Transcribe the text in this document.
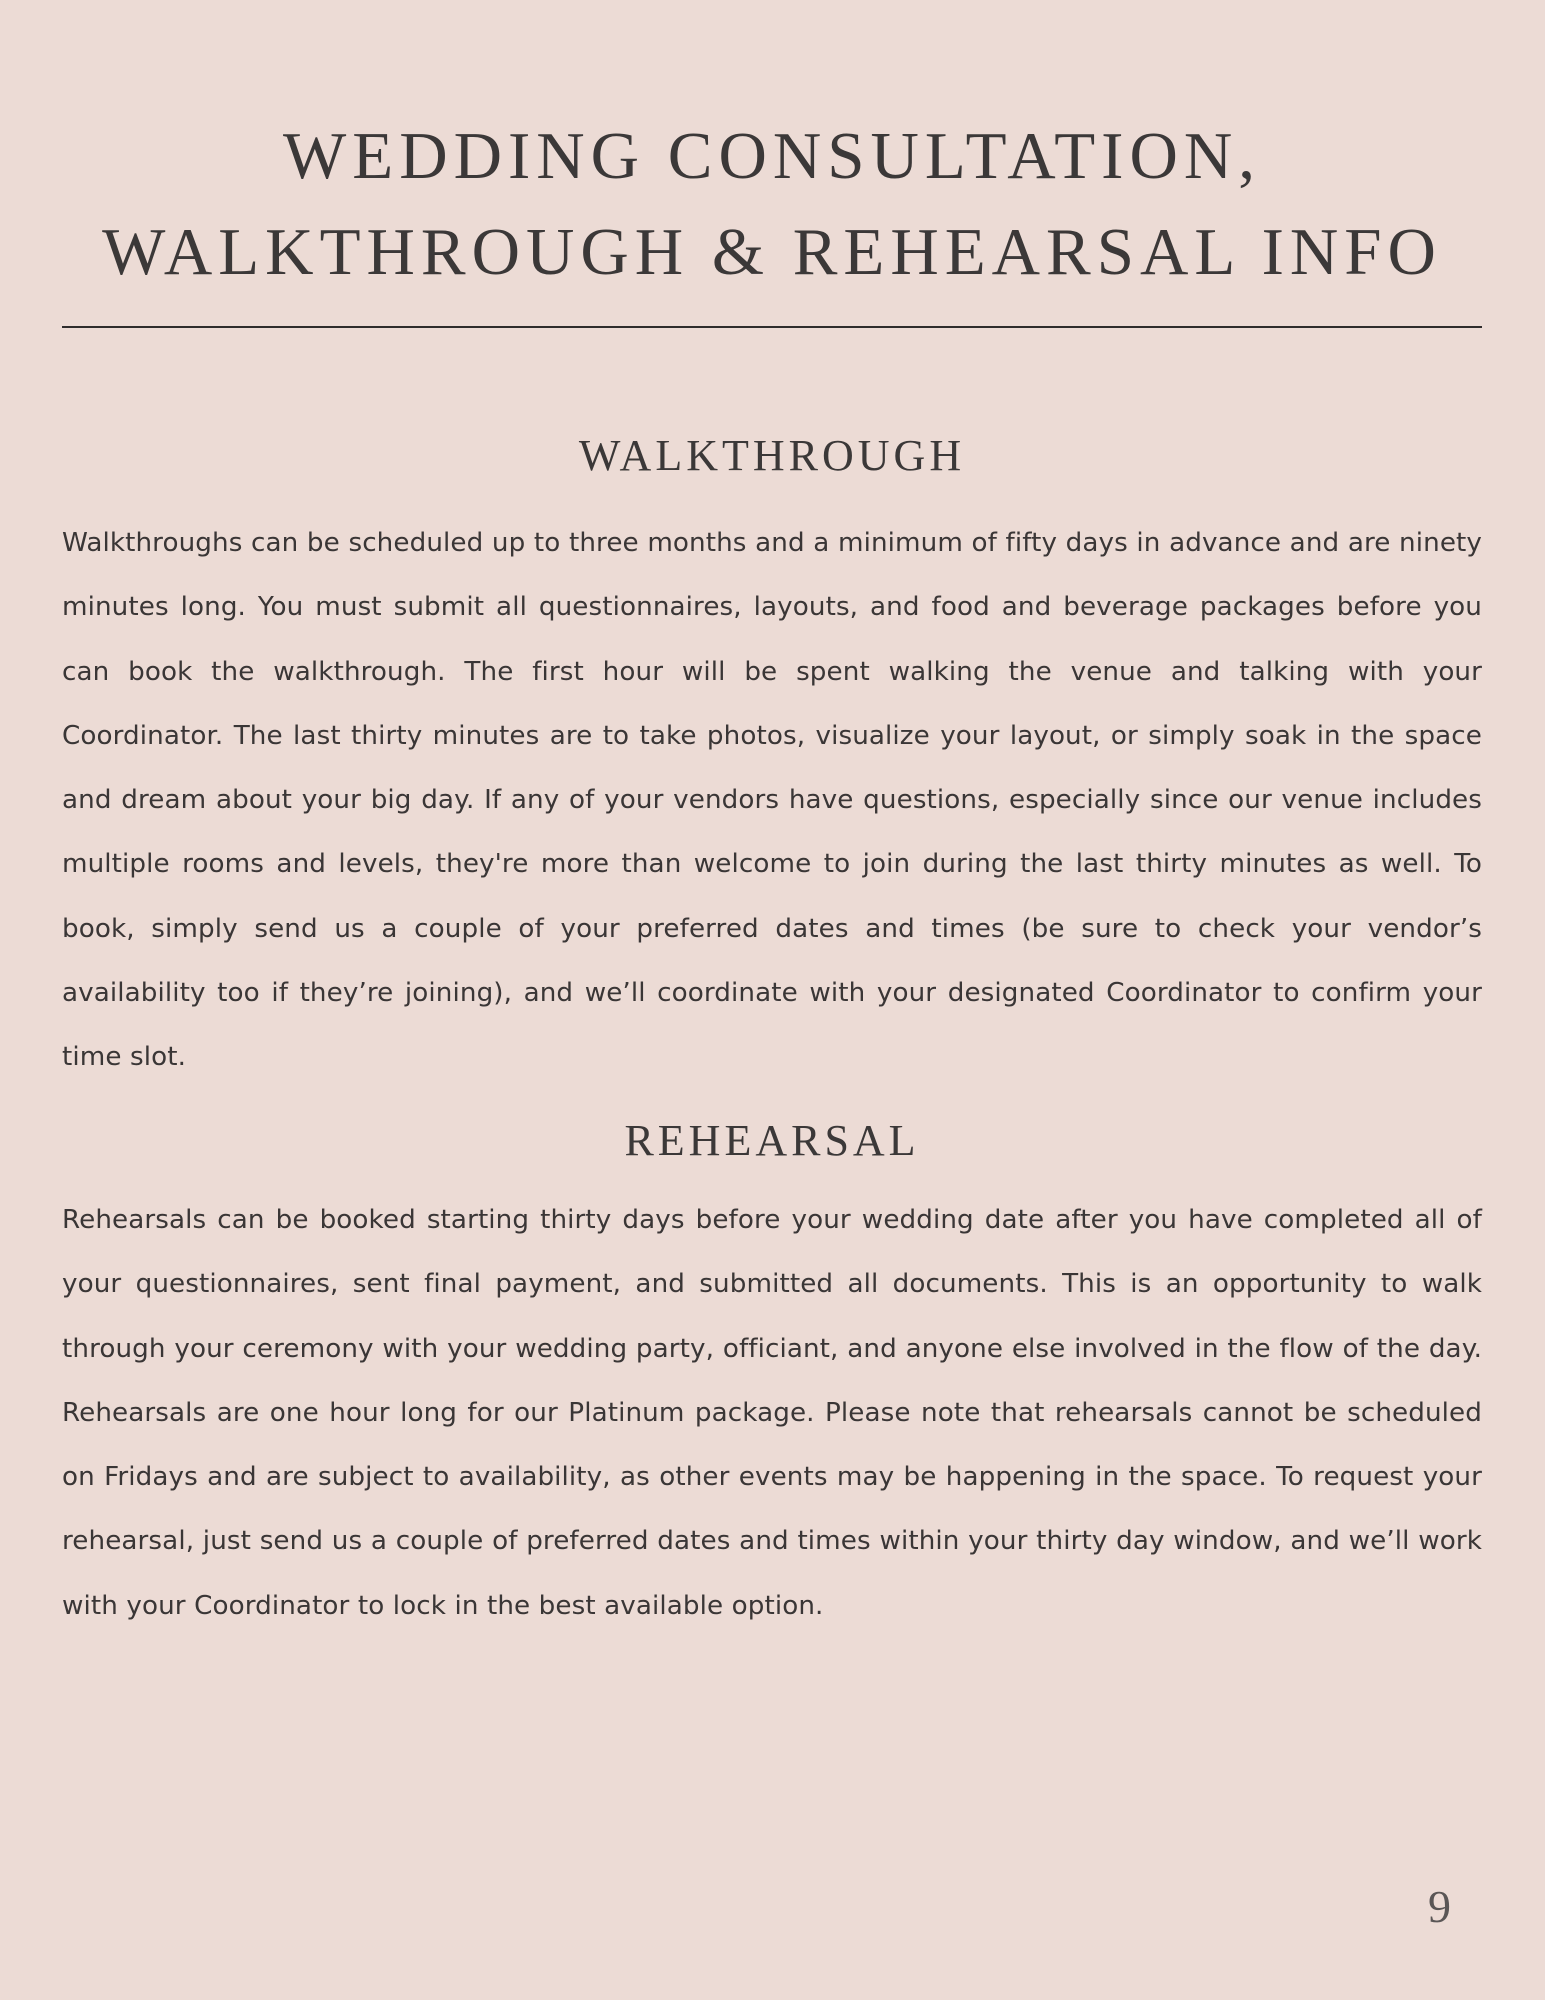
WEDDING CONSULTATION,
WALKTHROUGH & REHEARSAL INFO
WALKTHROUGH

Walkthroughs can be scheduled up to three months and a minimum of fifty days in advance and are ninety minutes long. You must submit all questionnaires, layouts, and food and beverage packages before you can book the walkthrough. The first hour will be spent walking the venue and talking with your Coordinator. The last thirty minutes are to take photos, visualize your layout, or simply soak in the space and dream about your big day. If any of your vendors have questions, especially since our venue includes multiple rooms and levels, they're more than welcome to join during the last thirty minutes as well. To book, simply send us a couple of your preferred dates and times (be sure to check your vendor’s availability too if they’re joining), and we’ll coordinate with your designated Coordinator to confirm your time slot.

REHEARSAL

Rehearsals can be booked starting thirty days before your wedding date after you have completed all of your questionnaires, sent final payment, and submitted all documents. This is an opportunity to walk through your ceremony with your wedding party, officiant, and anyone else involved in the flow of the day. Rehearsals are one hour long for our Platinum package. Please note that rehearsals cannot be scheduled on Fridays and are subject to availability, as other events may be happening in the space. To request your rehearsal, just send us a couple of preferred dates and times within your thirty day window, and we’ll work with your Coordinator to lock in the best available option.

9
